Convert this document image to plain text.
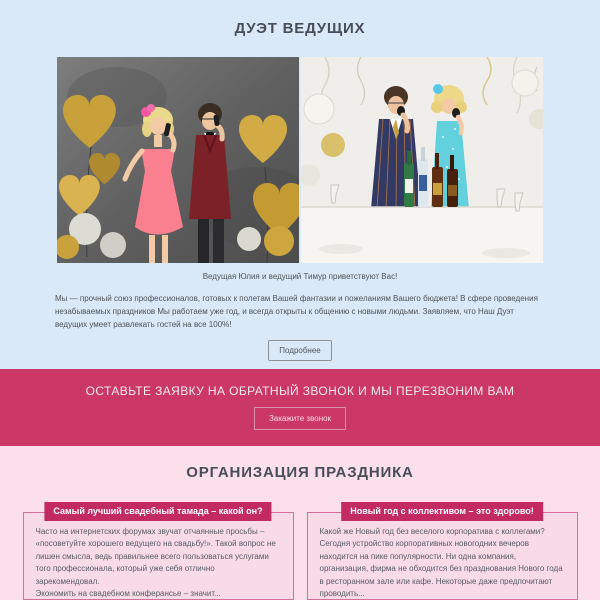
ДУЭТ ВЕДУЩИХ
Ведущая Юлия и ведущий Тимур приветствуют Вас!

Мы — прочный союз профессионалов, готовых к полетам Вашей фантазии и пожеланиям Вашего бюджета! В сфере проведения незабываемых праздников Мы работаем уже год, и всегда открыты к общению с новыми людьми. Заявляем, что Наш Дуэт ведущих умеет развлекать гостей на все 100%!

Подробнее
ОСТАВЬТЕ ЗАЯВКУ НА ОБРАТНЫЙ ЗВОНОК И МЫ ПЕРЕЗВОНИМ ВАМ
Закажите звонок
ОРГАНИЗАЦИЯ ПРАЗДНИКА
Самый лучший свадебный тамада – какой он?

Часто на интернетских форумах звучат отчаянные просьбы – «посоветуйте хорошего ведущего на свадьбу!». Такой вопрос не лишен смысла, ведь правильнее всего пользоваться услугами того профессионала, который уже себя отлично зарекомендовал.

Экономить на свадебном конферансье – значит...

Новый год с коллективом – это здорово!

Какой же Новый год без веселого корпоратива с коллегами? Сегодня устройство корпоративных новогодних вечеров находится на пике популярности. Ни одна компания, организация, фирма не обходится без празднования Нового года в ресторанном зале или кафе. Некоторые даже предпочитают проводить...
